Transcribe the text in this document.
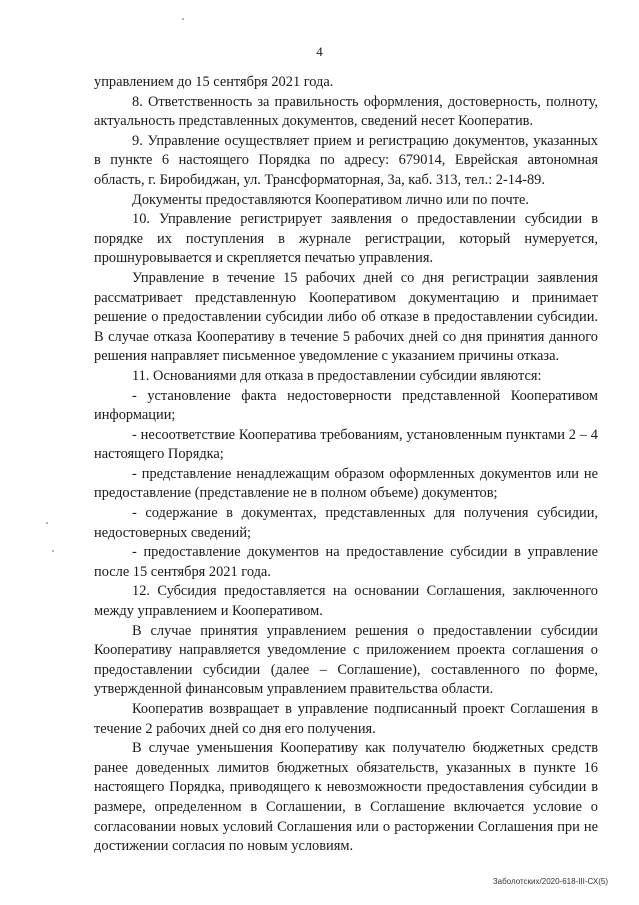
4

управлением до 15 сентября 2021 года.

8. Ответственность за правильность оформления, достоверность, полноту, актуальность представленных документов, сведений несет Кооператив.

9. Управление осуществляет прием и регистрацию документов, указанных в пункте 6 настоящего Порядка по адресу: 679014, Еврейская автономная область, г. Биробиджан, ул. Трансформаторная, 3а, каб. 313, тел.: 2-14-89.

Документы предоставляются Кооперативом лично или по почте.

10. Управление регистрирует заявления о предоставлении субсидии в порядке их поступления в журнале регистрации, который нумеруется, прошнуровывается и скрепляется печатью управления.

Управление в течение 15 рабочих дней со дня регистрации заявления рассматривает представленную Кооперативом документацию и принимает решение о предоставлении субсидии либо об отказе в предоставлении субсидии. В случае отказа Кооперативу в течение 5 рабочих дней со дня принятия данного решения направляет письменное уведомление с указанием причины отказа.

11. Основаниями для отказа в предоставлении субсидии являются:

- установление факта недостоверности представленной Кооперативом информации;

- несоответствие Кооператива требованиям, установленным пунктами 2 – 4 настоящего Порядка;

- представление ненадлежащим образом оформленных документов или не предоставление (представление не в полном объеме) документов;

- содержание в документах, представленных для получения субсидии, недостоверных сведений;

- предоставление документов на предоставление субсидии в управление после 15 сентября 2021 года.

12. Субсидия предоставляется на основании Соглашения, заключенного между управлением и Кооперативом.

В случае принятия управлением решения о предоставлении субсидии Кооперативу направляется уведомление с приложением проекта соглашения о предоставлении субсидии (далее – Соглашение), составленного по форме, утвержденной финансовым управлением правительства области.

Кооператив возвращает в управление подписанный проект Соглашения в течение 2 рабочих дней со дня его получения.

В случае уменьшения Кооперативу как получателю бюджетных средств ранее доведенных лимитов бюджетных обязательств, указанных в пункте 16 настоящего Порядка, приводящего к невозможности предоставления субсидии в размере, определенном в Соглашении, в Соглашение включается условие о согласовании новых условий Соглашения или о расторжении Соглашения при не достижении согласия по новым условиям.

Заболотских/2020-618-III-СХ(5)
